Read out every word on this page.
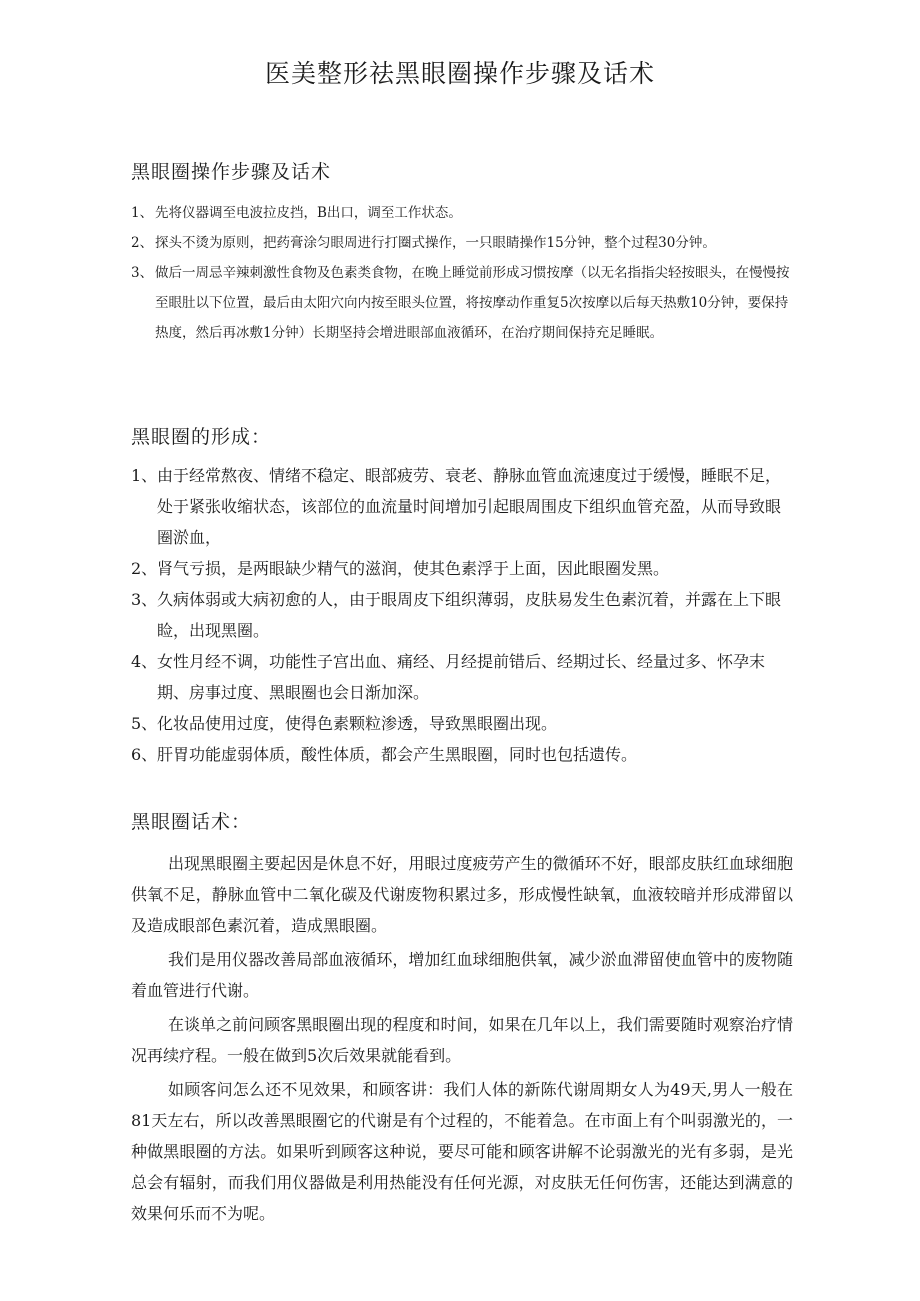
医美整形祛黑眼圈操作步骤及话术
黑眼圈操作步骤及话术
1、 先将仪器调至电波拉皮挡，B出口，调至工作状态。
2、 探头不烫为原则，把药膏涂匀眼周进行打圈式操作，一只眼睛操作15分钟，整个过程30分钟。
3、 做后一周忌辛辣刺激性食物及色素类食物，在晚上睡觉前形成习惯按摩（以无名指指尖轻按眼头，在慢慢按至眼肚以下位置，最后由太阳穴向内按至眼头位置，将按摩动作重复5次按摩以后每天热敷10分钟，要保持热度，然后再冰敷1分钟）长期坚持会增进眼部血液循环，在治疗期间保持充足睡眠。
黑眼圈的形成：
1、 由于经常熬夜、情绪不稳定、眼部疲劳、衰老、静脉血管血流速度过于缓慢，睡眠不足，处于紧张收缩状态，该部位的血流量时间增加引起眼周围皮下组织血管充盈，从而导致眼圈淤血，
2、 肾气亏损，是两眼缺少精气的滋润，使其色素浮于上面，因此眼圈发黑。
3、 久病体弱或大病初愈的人，由于眼周皮下组织薄弱，皮肤易发生色素沉着，并露在上下眼睑，出现黑圈。
4、 女性月经不调，功能性子宫出血、痛经、月经提前错后、经期过长、经量过多、怀孕末期、房事过度、黑眼圈也会日渐加深。
5、 化妆品使用过度，使得色素颗粒渗透，导致黑眼圈出现。
6、 肝胃功能虚弱体质，酸性体质，都会产生黑眼圈，同时也包括遗传。
黑眼圈话术：

出现黑眼圈主要起因是休息不好，用眼过度疲劳产生的微循环不好，眼部皮肤红血球细胞供氧不足，静脉血管中二氧化碳及代谢废物积累过多，形成慢性缺氧，血液较暗并形成滞留以及造成眼部色素沉着，造成黑眼圈。

我们是用仪器改善局部血液循环，增加红血球细胞供氧，减少淤血滞留使血管中的废物随着血管进行代谢。

在谈单之前问顾客黑眼圈出现的程度和时间，如果在几年以上，我们需要随时观察治疗情况再续疗程。一般在做到5次后效果就能看到。

如顾客问怎么还不见效果，和顾客讲：我们人体的新陈代谢周期女人为49天,男人一般在81天左右，所以改善黑眼圈它的代谢是有个过程的，不能着急。在市面上有个叫弱激光的，一种做黑眼圈的方法。如果听到顾客这种说，要尽可能和顾客讲解不论弱激光的光有多弱，是光总会有辐射，而我们用仪器做是利用热能没有任何光源，对皮肤无任何伤害，还能达到满意的效果何乐而不为呢。
